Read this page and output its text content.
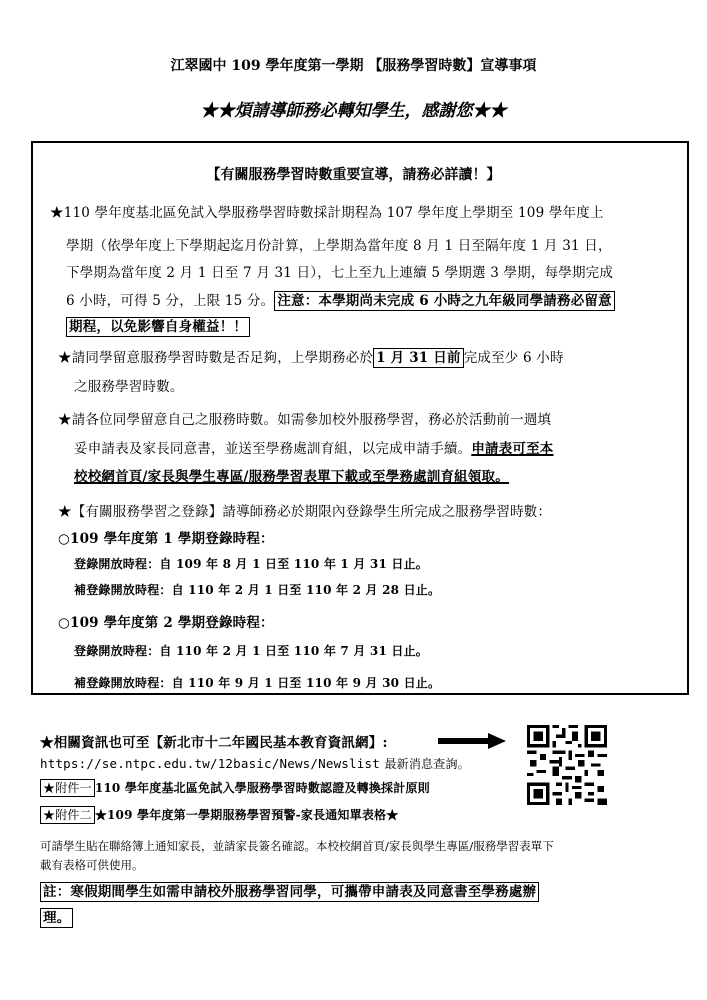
江翠國中 109 學年度第一學期 【服務學習時數】宣導事項
★★煩請導師務必轉知學生，感謝您★★
【有關服務學習時數重要宣導，請務必詳讀！】
★110 學年度基北區免試入學服務學習時數採計期程為 107 學年度上學期至 109 學年度上
學期（依學年度上下學期起迄月份計算，上學期為當年度 8 月 1 日至隔年度 1 月 31 日，
下學期為當年度 2 月 1 日至 7 月 31 日），七上至九上連續 5 學期選 3 學期，每學期完成
6 小時，可得 5 分，上限 15 分。 注意：本學期尚未完成 6 小時之九年級同學請務必留意
期程，以免影響自身權益！！
★請同學留意服務學習時數是否足夠，上學期務必於 1 月 31 日前 完成至少 6 小時
之服務學習時數。
★請各位同學留意自己之服務時數。如需參加校外服務學習，務必於活動前一週填
妥申請表及家長同意書，並送至學務處訓育組，以完成申請手續。申請表可至本
校校網首頁/家長與學生專區/服務學習表單下載或至學務處訓育組領取。
★【有關服務學習之登錄】請導師務必於期限內登錄學生所完成之服務學習時數：
○109 學年度第 1 學期登錄時程：
登錄開放時程：自 109 年 8 月 1 日至 110 年 1 月 31 日止。
補登錄開放時程：自 110 年 2 月 1 日至 110 年 2 月 28 日止。
○109 學年度第 2 學期登錄時程：
登錄開放時程：自 110 年 2 月 1 日至 110 年 7 月 31 日止。
補登錄開放時程：自 110 年 9 月 1 日至 110 年 9 月 30 日止。
★相關資訊也可至【新北市十二年國民基本教育資訊網】:
https://se.ntpc.edu.tw/12basic/News/Newslist 最新消息查詢。
★附件一 110 學年度基北區免試入學服務學習時數認證及轉換採計原則
★附件二 ★109 學年度第一學期服務學習預警-家長通知單表格★
可請學生貼在聯絡簿上通知家長，並請家長簽名確認。本校校網首頁/家長與學生專區/服務學習表單下
載有表格可供使用。
註：寒假期間學生如需申請校外服務學習同學，可攜帶申請表及同意書至學務處辦
理。
